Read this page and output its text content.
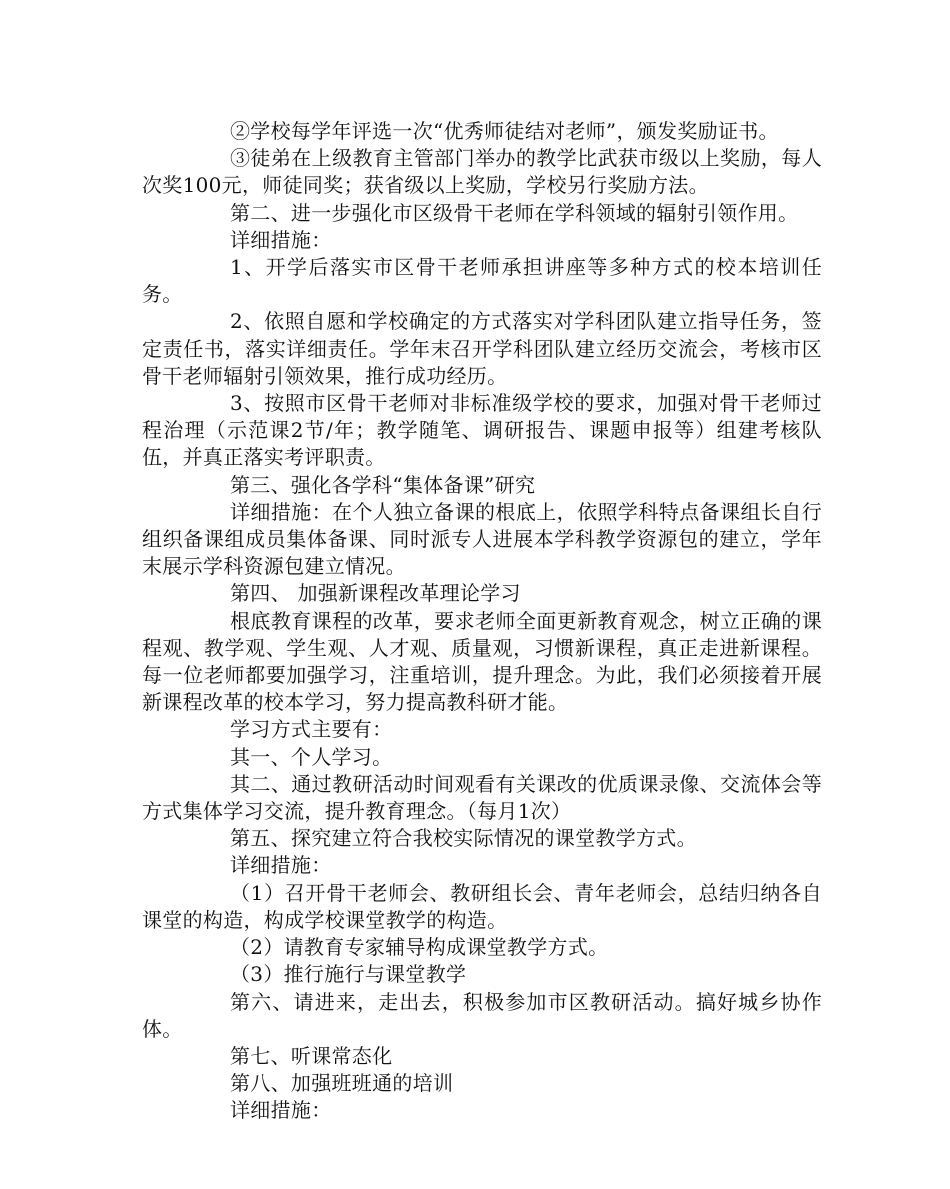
②学校每学年评选一次“优秀师徒结对老师”，颁发奖励证书。

③徒弟在上级教育主管部门举办的教学比武获市级以上奖励，每人次奖100元，师徒同奖；获省级以上奖励，学校另行奖励方法。

第二、进一步强化市区级骨干老师在学科领域的辐射引领作用。

详细措施：

1、开学后落实市区骨干老师承担讲座等多种方式的校本培训任务。

2、依照自愿和学校确定的方式落实对学科团队建立指导任务，签定责任书，落实详细责任。学年末召开学科团队建立经历交流会，考核市区骨干老师辐射引领效果，推行成功经历。

3、按照市区骨干老师对非标准级学校的要求，加强对骨干老师过程治理（示范课2节/年；教学随笔、调研报告、课题申报等）组建考核队伍，并真正落实考评职责。

第三、强化各学科“集体备课”研究

详细措施：在个人独立备课的根底上，依照学科特点备课组长自行组织备课组成员集体备课、同时派专人进展本学科教学资源包的建立，学年末展示学科资源包建立情况。

第四、 加强新课程改革理论学习

根底教育课程的改革，要求老师全面更新教育观念，树立正确的课程观、教学观、学生观、人才观、质量观，习惯新课程，真正走进新课程。每一位老师都要加强学习，注重培训，提升理念。为此，我们必须接着开展新课程改革的校本学习，努力提高教科研才能。

学习方式主要有：

其一、个人学习。

其二、通过教研活动时间观看有关课改的优质课录像、交流体会等方式集体学习交流，提升教育理念。（每月1次）

第五、探究建立符合我校实际情况的课堂教学方式。

详细措施：

（1）召开骨干老师会、教研组长会、青年老师会，总结归纳各自课堂的构造，构成学校课堂教学的构造。

（2）请教育专家辅导构成课堂教学方式。

（3）推行施行与课堂教学

第六、请进来，走出去，积极参加市区教研活动。搞好城乡协作体。

第七、听课常态化

第八、加强班班通的培训

详细措施：
